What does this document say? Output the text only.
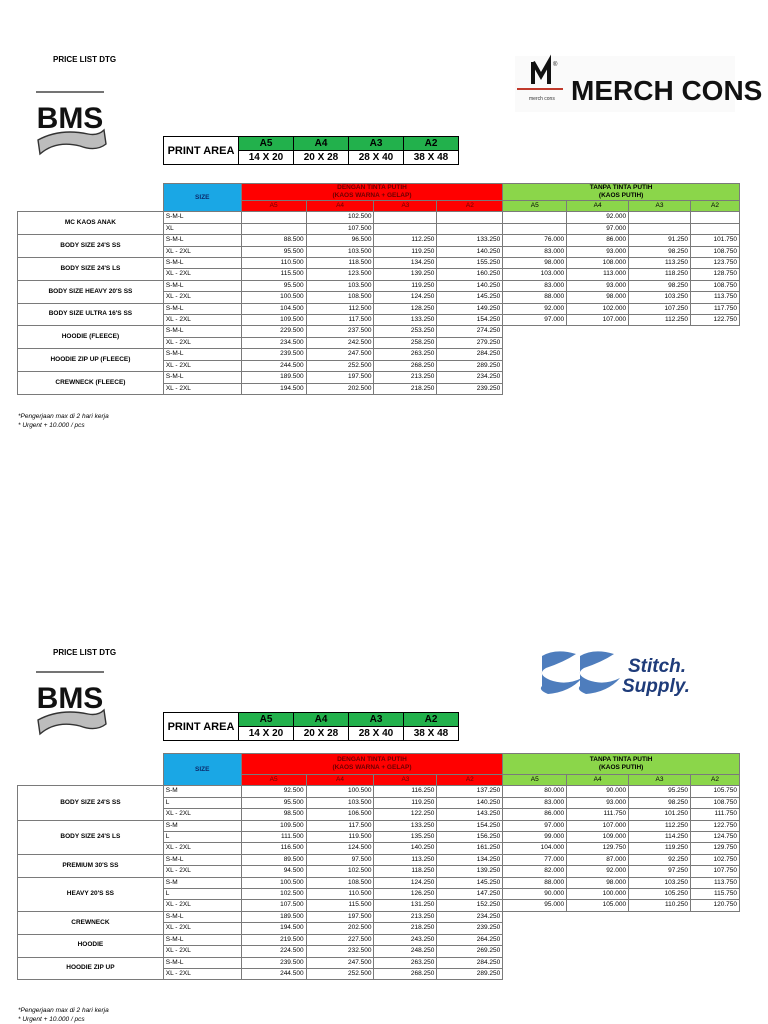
PRICE LIST DTG
BMS
®
merch cons MERCH CONS
PRINT AREA	A5	A4	A3	A2
	14 X 20	20 X 28	28 X 40	38 X 48
	SIZE	DENGAN TINTA PUTIH
(KAOS WARNA + GELAP)				TANPA TINTA PUTIH
(KAOS PUTIH)			
		A5	A4	A3	A2	A5	A4	A3	A2
MC KAOS ANAK	S-M-L		102.500				92.000		
	XL		107.500				97.000		
BODY SIZE 24'S SS	S-M-L	88.500	96.500	112.250	133.250	76.000	86.000	91.250	101.750
	XL - 2XL	95.500	103.500	119.250	140.250	83.000	93.000	98.250	108.750
BODY SIZE 24'S LS	S-M-L	110.500	118.500	134.250	155.250	98.000	108.000	113.250	123.750
	XL - 2XL	115.500	123.500	139.250	160.250	103.000	113.000	118.250	128.750
BODY SIZE HEAVY 20'S SS	S-M-L	95.500	103.500	119.250	140.250	83.000	93.000	98.250	108.750
	XL - 2XL	100.500	108.500	124.250	145.250	88.000	98.000	103.250	113.750
BODY SIZE ULTRA 16'S SS	S-M-L	104.500	112.500	128.250	149.250	92.000	102.000	107.250	117.750
	XL - 2XL	109.500	117.500	133.250	154.250	97.000	107.000	112.250	122.750
HOODIE (FLEECE)	S-M-L	229.500	237.500	253.250	274.250				
	XL - 2XL	234.500	242.500	258.250	279.250				
HOODIE ZIP UP (FLEECE)	S-M-L	239.500	247.500	263.250	284.250				
	XL - 2XL	244.500	252.500	268.250	289.250				
CREWNECK (FLEECE)	S-M-L	189.500	197.500	213.250	234.250				
	XL - 2XL	194.500	202.500	218.250	239.250				
*Pengerjaan max di 2 hari kerja
* Urgent + 10.000 / pcs
PRICE LIST DTG
BMS
Stitch.
Supply.
PRINT AREA	A5	A4	A3	A2
	14 X 20	20 X 28	28 X 40	38 X 48
	SIZE	DENGAN TINTA PUTIH
(KAOS WARNA + GELAP)				TANPA TINTA PUTIH
(KAOS PUTIH)			
		A5	A4	A3	A2	A5	A4	A3	A2
BODY SIZE 24'S SS	S-M	92.500	100.500	116.250	137.250	80.000	90.000	95.250	105.750
	L	95.500	103.500	119.250	140.250	83.000	93.000	98.250	108.750
	XL - 2XL	98.500	106.500	122.250	143.250	86.000	111.750	101.250	111.750
BODY SIZE 24'S LS	S-M	109.500	117.500	133.250	154.250	97.000	107.000	112.250	122.750
	L	111.500	119.500	135.250	156.250	99.000	109.000	114.250	124.750
	XL - 2XL	116.500	124.500	140.250	161.250	104.000	129.750	119.250	129.750
PREMIUM 30'S SS	S-M-L	89.500	97.500	113.250	134.250	77.000	87.000	92.250	102.750
	XL - 2XL	94.500	102.500	118.250	139.250	82.000	92.000	97.250	107.750
HEAVY 20'S SS	S-M	100.500	108.500	124.250	145.250	88.000	98.000	103.250	113.750
	L	102.500	110.500	126.250	147.250	90.000	100.000	105.250	115.750
	XL - 2XL	107.500	115.500	131.250	152.250	95.000	105.000	110.250	120.750
CREWNECK	S-M-L	189.500	197.500	213.250	234.250				
	XL - 2XL	194.500	202.500	218.250	239.250				
HOODIE	S-M-L	219.500	227.500	243.250	264.250				
	XL - 2XL	224.500	232.500	248.250	269.250				
HOODIE ZIP UP	S-M-L	239.500	247.500	263.250	284.250				
	XL - 2XL	244.500	252.500	268.250	289.250				
*Pengerjaan max di 2 hari kerja
* Urgent + 10.000 / pcs
